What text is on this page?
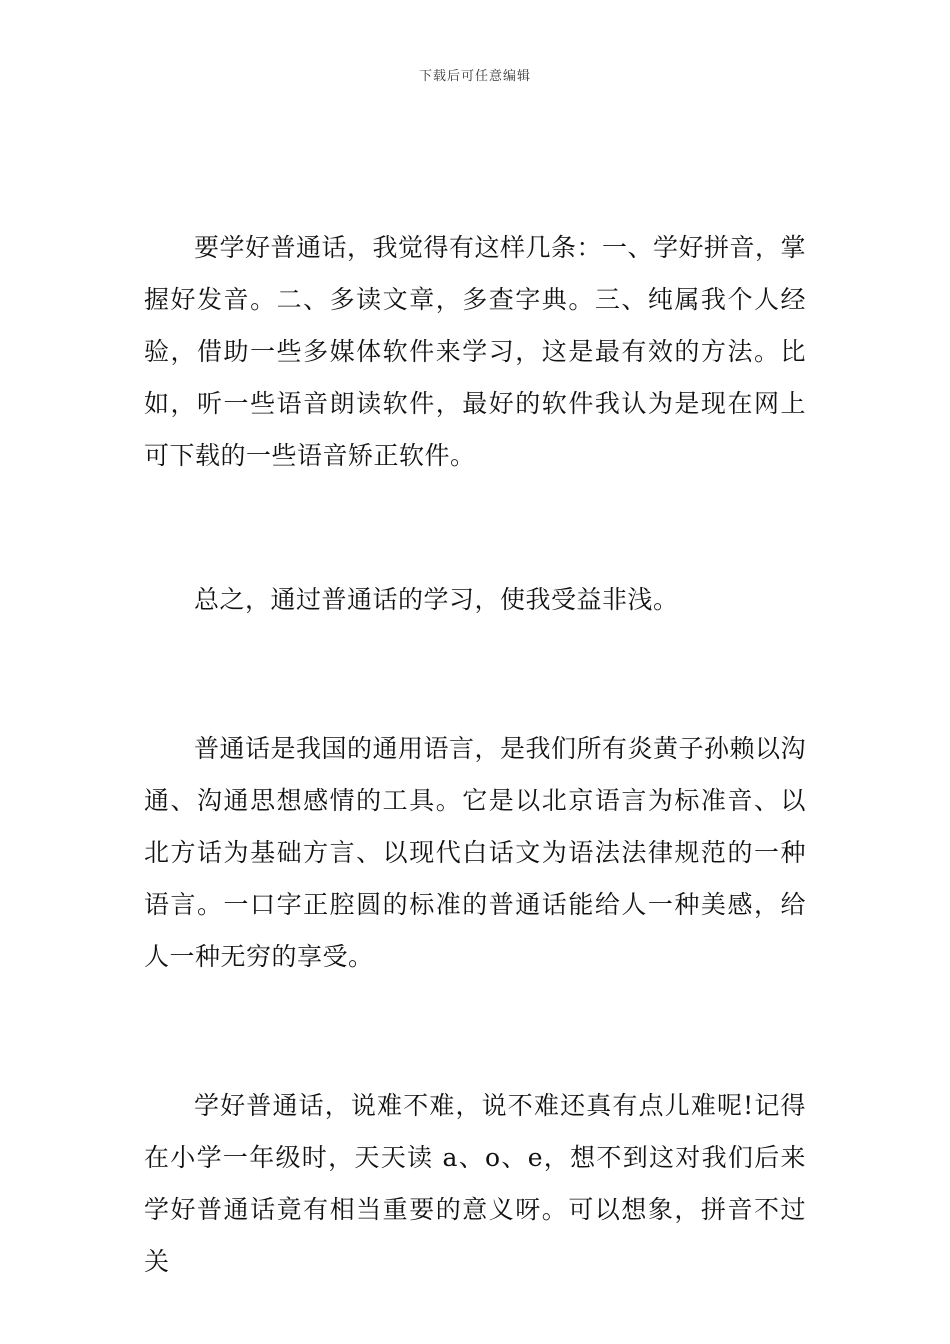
下载后可任意编辑

要学好普通话，我觉得有这样几条：一、学好拼音，掌握好发音。二、多读文章，多查字典。三、纯属我个人经验，借助一些多媒体软件来学习，这是最有效的方法。比如，听一些语音朗读软件，最好的软件我认为是现在网上可下载的一些语音矫正软件。

总之，通过普通话的学习，使我受益非浅。

普通话是我国的通用语言，是我们所有炎黄子孙赖以沟通、沟通思想感情的工具。它是以北京语言为标准音、以北方话为基础方言、以现代白话文为语法法律规范的一种语言。一口字正腔圆的标准的普通话能给人一种美感，给人一种无穷的享受。

学好普通话，说难不难，说不难还真有点儿难呢!记得在小学一年级时，天天读 a、o、e，想不到这对我们后来学好普通话竟有相当重要的意义呀。可以想象，拼音不过关
